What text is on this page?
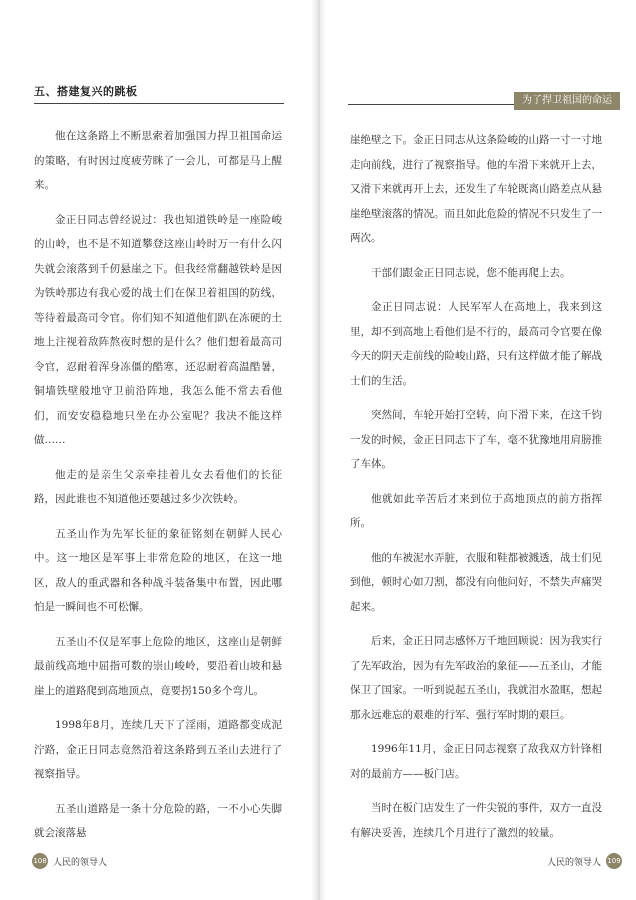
五、搭建复兴的跳板

他在这条路上不断思索着加强国力捍卫祖国命运的策略，有时因过度疲劳眯了一会儿，可都是马上醒来。

金正日同志曾经说过：我也知道铁岭是一座险峻的山岭，也不是不知道攀登这座山岭时万一有什么闪失就会滚落到千仞悬崖之下。但我经常翻越铁岭是因为铁岭那边有我心爱的战士们在保卫着祖国的防线，等待着最高司令官。你们知不知道他们趴在冻硬的土地上注视着敌阵熬夜时想的是什么？他们想着最高司令官，忍耐着浑身冻僵的酷寒，还忍耐着高温酷暑，铜墙铁壁般地守卫前沿阵地，我怎么能不常去看他们，而安安稳稳地只坐在办公室呢？我决不能这样做……

他走的是亲生父亲牵挂着儿女去看他们的长征路，因此谁也不知道他还要越过多少次铁岭。

五圣山作为先军长征的象征铭刻在朝鲜人民心中。这一地区是军事上非常危险的地区，在这一地区，敌人的重武器和各种战斗装备集中布置，因此哪怕是一瞬间也不可松懈。

五圣山不仅是军事上危险的地区，这座山是朝鲜最前线高地中屈指可数的崇山峻岭，要沿着山坡和悬崖上的道路爬到高地顶点，竟要拐150多个弯儿。

1998年8月，连续几天下了淫雨，道路都变成泥泞路，金正日同志竟然沿着这条路到五圣山去进行了视察指导。

五圣山道路是一条十分危险的路，一不小心失脚就会滚落悬

108 人民的领导人
为了捍卫祖国的命运

崖绝壁之下。金正日同志从这条险峻的山路一寸一寸地走向前线，进行了视察指导。他的车滑下来就开上去，又滑下来就再开上去，还发生了车轮既离山路差点从悬崖绝壁滚落的情况。而且如此危险的情况不只发生了一两次。

干部们跟金正日同志说，您不能再爬上去。

金正日同志说：人民军军人在高地上，我来到这里，却不到高地上看他们是不行的，最高司令官要在像今天的阴天走前线的险峻山路，只有这样做才能了解战士们的生活。

突然间，车轮开始打空转，向下滑下来，在这千钧一发的时候，金正日同志下了车，毫不犹豫地用肩膀推了车体。

他就如此辛苦后才来到位于高地顶点的前方指挥所。

他的车被泥水弄脏，衣服和鞋都被溅透，战士们见到他，顿时心如刀割，都没有向他问好，不禁失声痛哭起来。

后来，金正日同志感怀万千地回顾说：因为我实行了先军政治，因为有先军政治的象征——五圣山，才能保卫了国家。一听到说起五圣山，我就泪水盈眶，想起那永远难忘的艰难的行军、强行军时期的艰巨。

1996年11月，金正日同志视察了敌我双方针锋相对的最前方——板门店。

当时在板门店发生了一件尖锐的事件，双方一直没有解决妥善，连续几个月进行了激烈的较量。

人民的领导人 109
